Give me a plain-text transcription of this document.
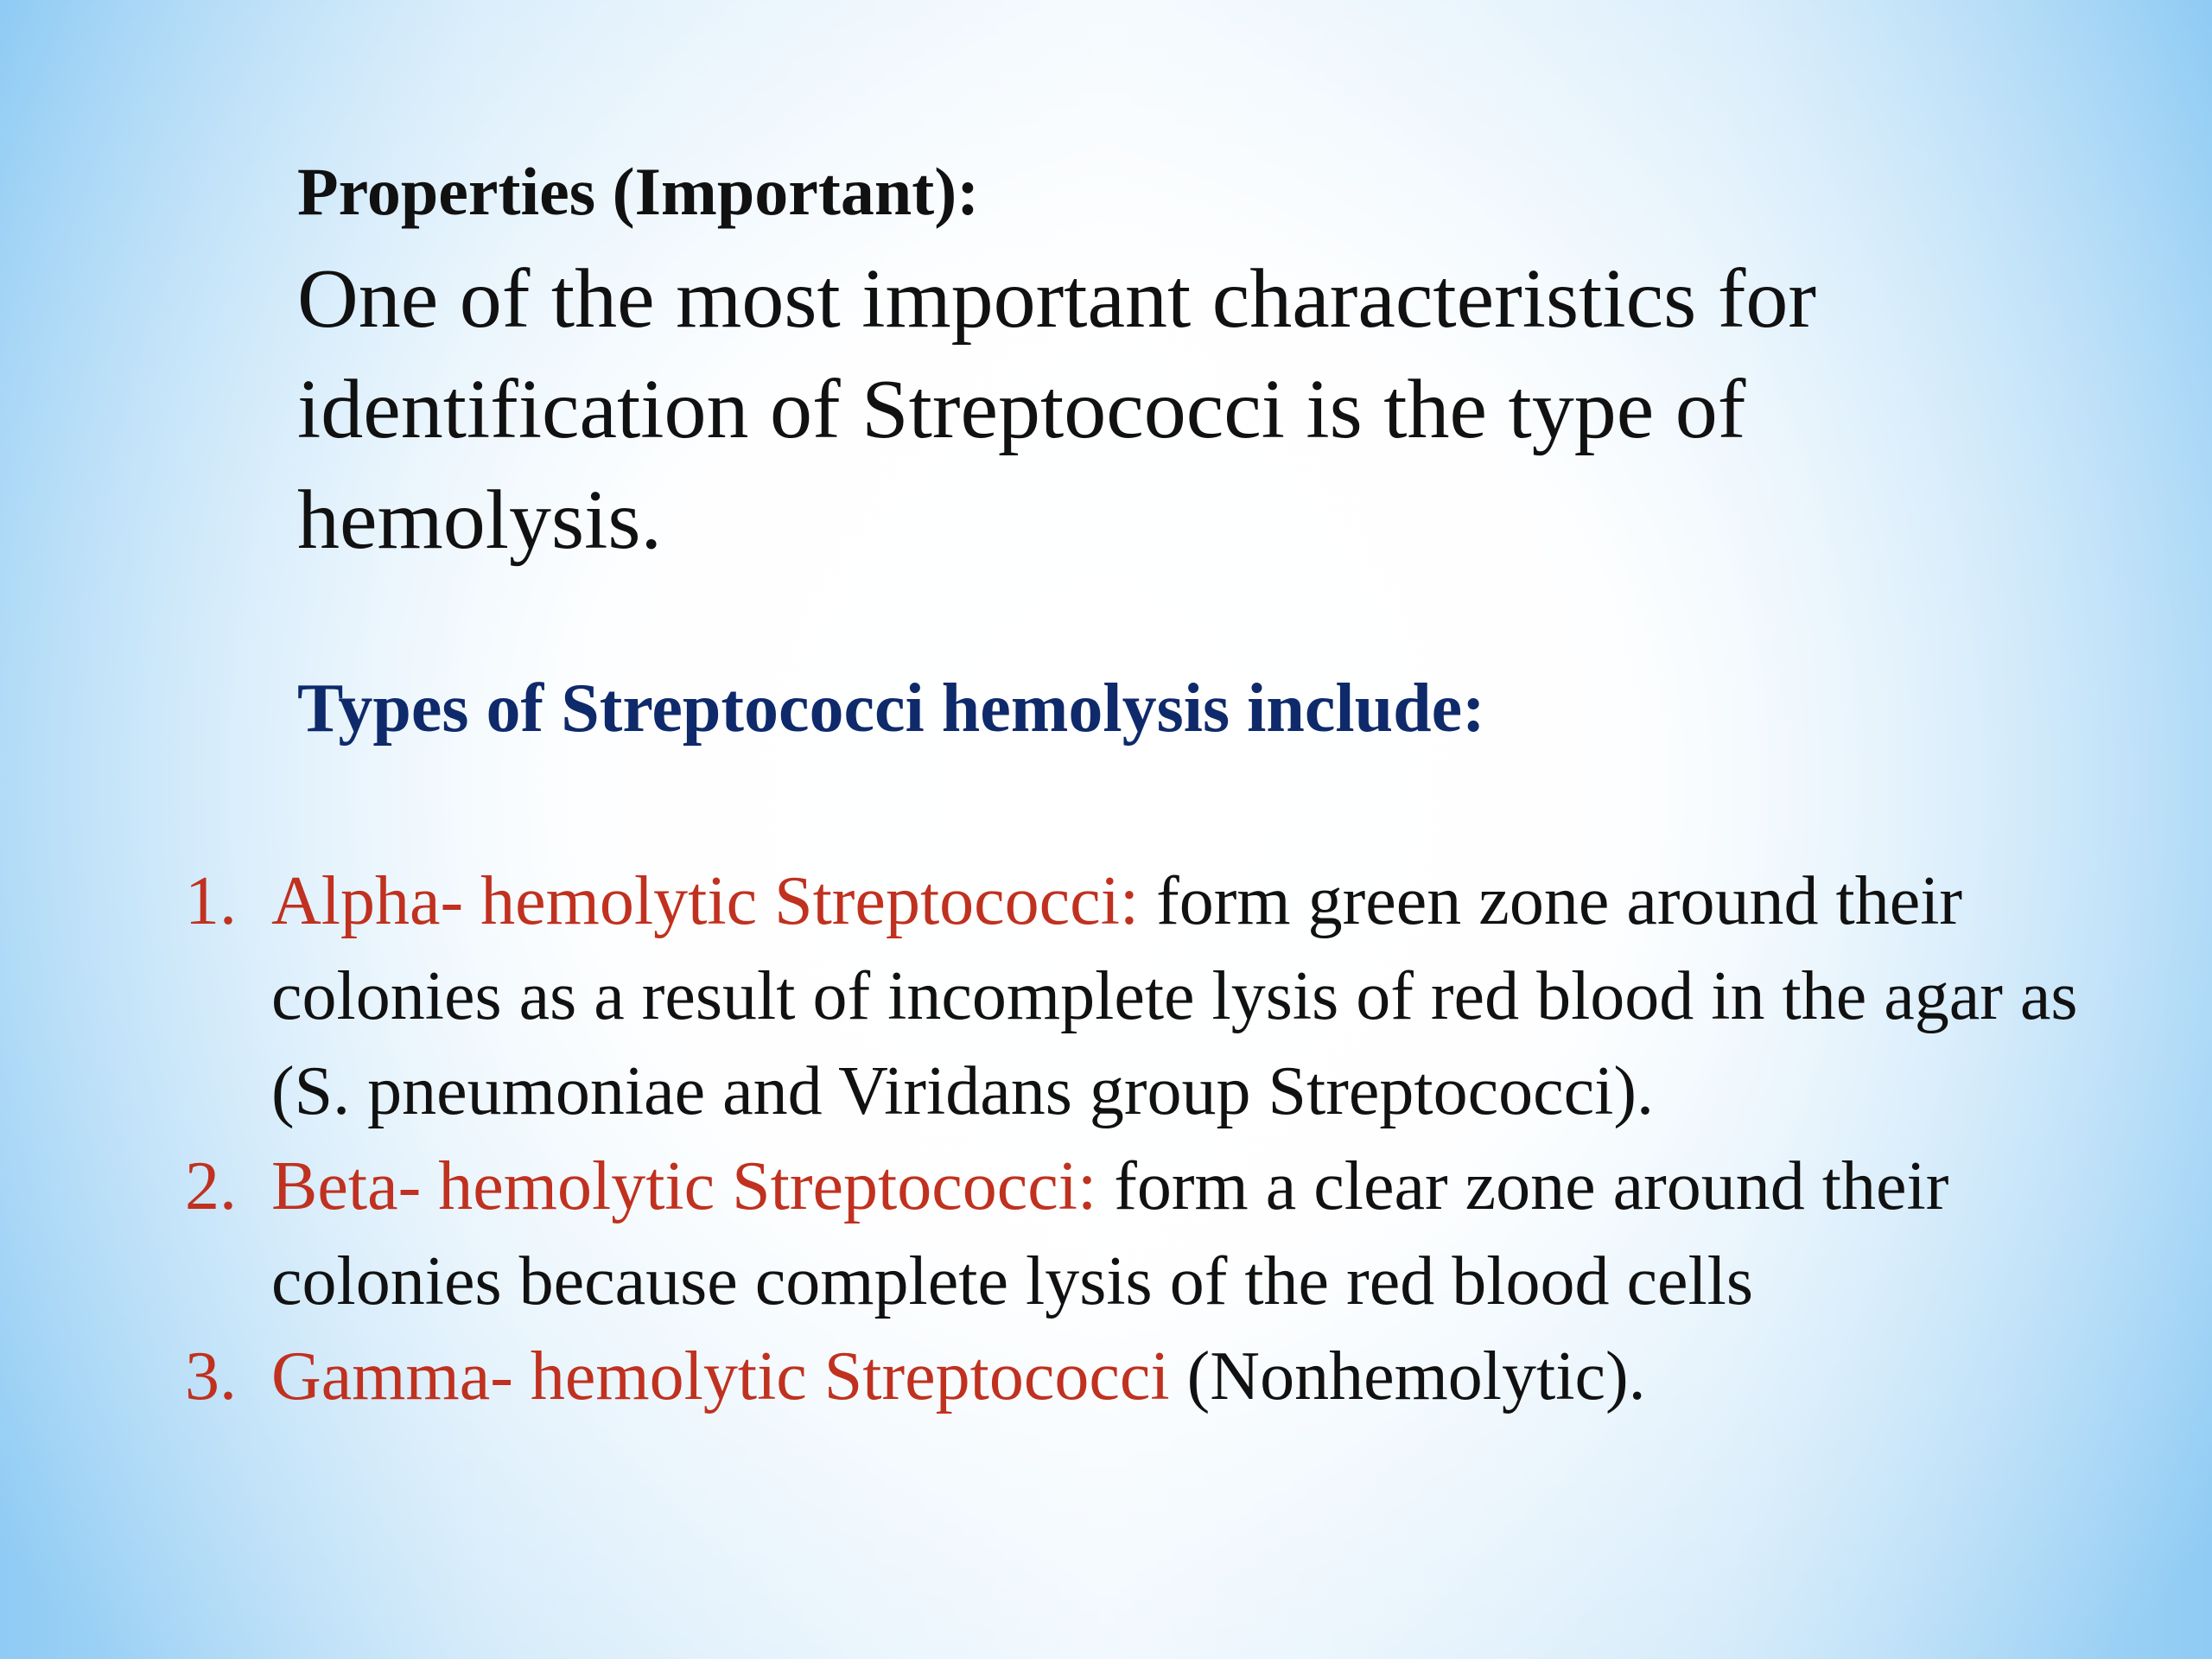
Properties (Important):

One of the most important characteristics for identification of Streptococci is the type of hemolysis.

Types of Streptococci hemolysis include:
1. Alpha- hemolytic Streptococci: form green zone around their colonies as a result of incomplete lysis of red blood in the agar as (S. pneumoniae and Viridans group Streptococci).
2. Beta- hemolytic Streptococci: form a clear zone around their colonies because complete lysis of the red blood cells
3. Gamma- hemolytic Streptococci (Nonhemolytic).
